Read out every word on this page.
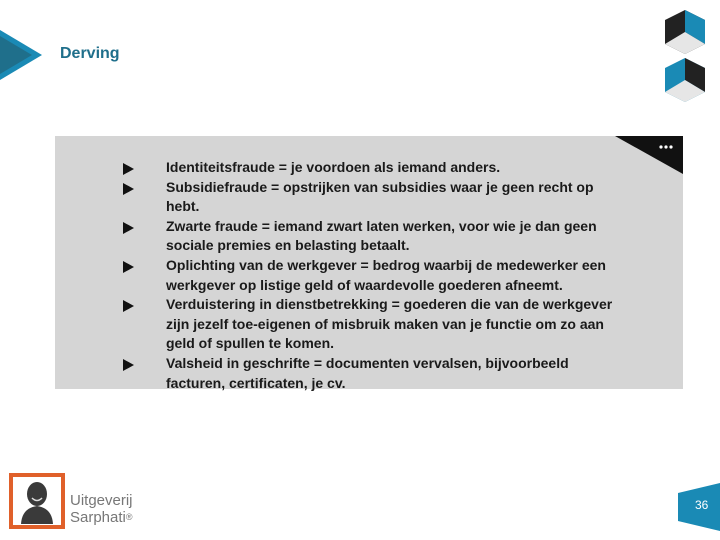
Derving
Identiteitsfraude = je voordoen als iemand anders.
Subsidiefraude = opstrijken van subsidies waar je geen recht op hebt.
Zwarte fraude = iemand zwart laten werken, voor wie je dan geen sociale premies en belasting betaalt.
Oplichting van de werkgever = bedrog waarbij de medewerker een werkgever op listige geld of waardevolle goederen afneemt.
Verduistering in dienstbetrekking = goederen die van de werkgever zijn jezelf toe-eigenen of misbruik maken van je functie om zo aan geld of spullen te komen.
Valsheid in geschrifte = documenten vervalsen, bijvoorbeeld facturen, certificaten, je cv.
Uitgeverij
Sarphati®
36
